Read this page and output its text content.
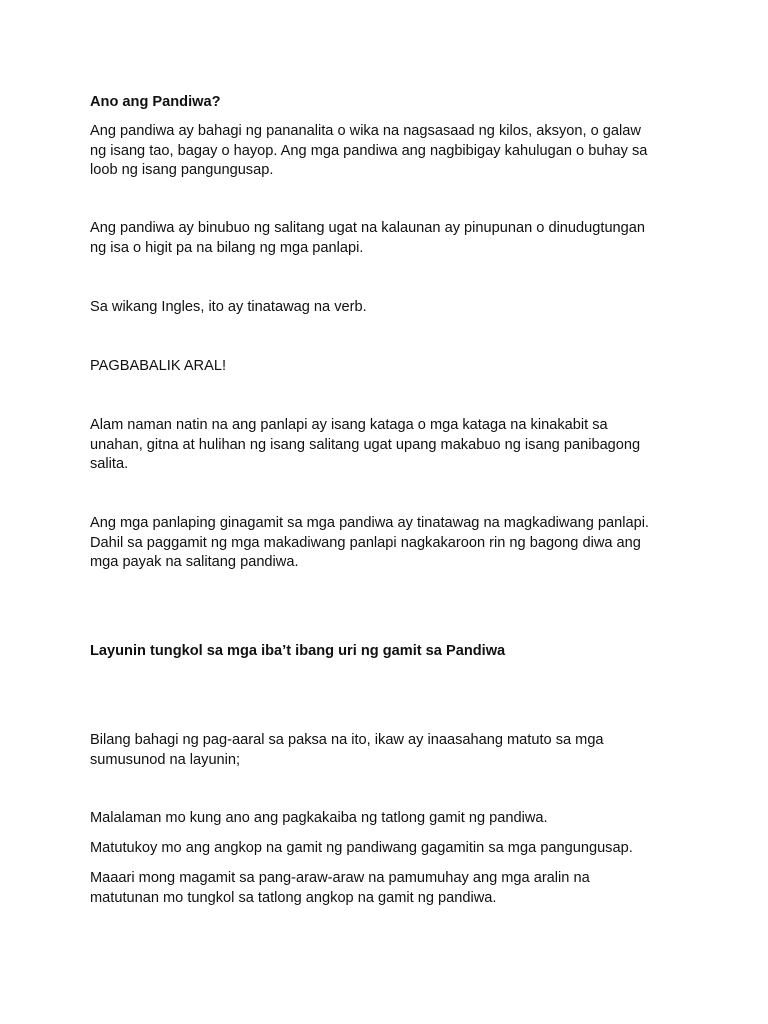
Ano ang Pandiwa?

Ang pandiwa ay bahagi ng pananalita o wika na nagsasaad ng kilos, aksyon, o galaw
ng isang tao, bagay o hayop. Ang mga pandiwa ang nagbibigay kahulugan o buhay sa
loob ng isang pangungusap.
Ang pandiwa ay binubuo ng salitang ugat na kalaunan ay pinupunan o dinudugtungan
ng isa o higit pa na bilang ng mga panlapi.
Sa wikang Ingles, ito ay tinatawag na verb.
PAGBABALIK ARAL!
Alam naman natin na ang panlapi ay isang kataga o mga kataga na kinakabit sa
unahan, gitna at hulihan ng isang salitang ugat upang makabuo ng isang panibagong
salita.
Ang mga panlaping ginagamit sa mga pandiwa ay tinatawag na magkadiwang panlapi.
Dahil sa paggamit ng mga makadiwang panlapi nagkakaroon rin ng bagong diwa ang
mga payak na salitang pandiwa.

Layunin tungkol sa mga iba’t ibang uri ng gamit sa Pandiwa

Bilang bahagi ng pag-aaral sa paksa na ito, ikaw ay inaasahang matuto sa mga
sumusunod na layunin;
Malalaman mo kung ano ang pagkakaiba ng tatlong gamit ng pandiwa.
Matutukoy mo ang angkop na gamit ng pandiwang gagamitin sa mga pangungusap.
Maaari mong magamit sa pang-araw-araw na pamumuhay ang mga aralin na
matutunan mo tungkol sa tatlong angkop na gamit ng pandiwa.
